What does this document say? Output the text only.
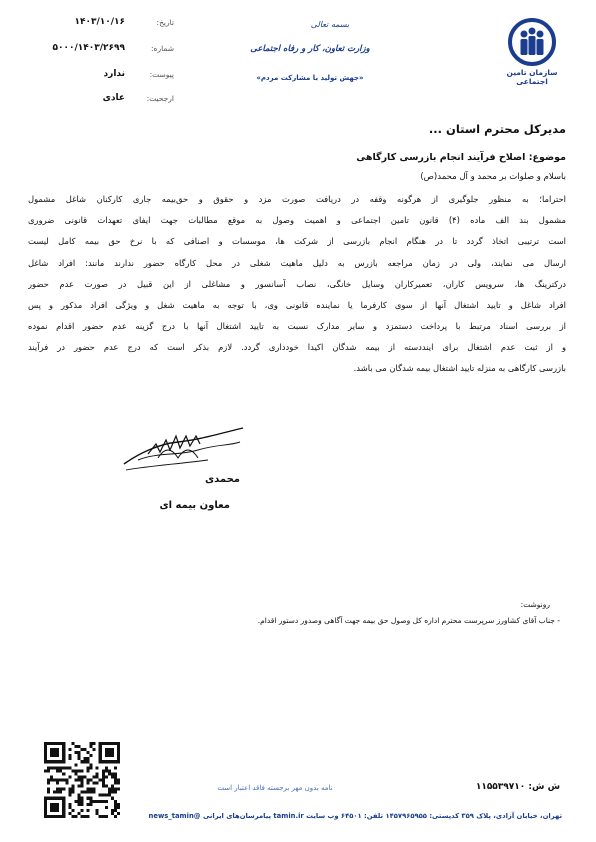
سازمان تامین اجتماعی
بسمه تعالی
وزارت تعاون، کار و رفاه اجتماعی
«جهش تولید با مشارکت مردم»
تاریخ:
۱۴۰۳/۱۰/۱۶
شماره:
۵۰۰۰/۱۴۰۳/۲۶۹۹
پیوست:
ندارد
ارجحیت:
عادی
مدیرکل محترم استان ...
موضوع: اصلاح فرآیند انجام بازرسی کارگاهی
باسلام و صلوات بر محمد و آل محمد(ص)
احتراما؛ به منظور جلوگیری از هرگونه وقفه در دریافت صورت مزد و حقوق و حق‌بیمه جاری کارکنان شاغل مشمول
مشمول بند الف ماده (۴) قانون تامین اجتماعی و اهمیت وصول به موقع مطالبات جهت ایفای تعهدات قانونی ضروری
است ترتیبی اتخاذ گردد تا در هنگام انجام بازرسی از شرکت ها، موسسات و اصنافی که با نرخ حق بیمه کامل لیست
ارسال می نمایند، ولی در زمان مراجعه بازرس به دلیل ماهیت شغلی در محل کارگاه حضور ندارند مانند: افراد شاغل
درکترینگ ها، سرویس کاران، تعمیرکاران وسایل خانگی، نصاب آسانسور و مشاغلی از این قبیل در صورت عدم حضور
افراد شاغل و تایید اشتغال آنها از سوی کارفرما یا نماینده قانونی وی، با توجه به ماهیت شغل و ویژگی افراد مذکور و پس
از بررسی اسناد مرتبط با پرداخت دستمزد و سایر مدارک نسبت به تایید اشتغال آنها با درج گزینه عدم حضور اقدام نموده
و از ثبت عدم اشتغال برای اینددسته از بیمه شدگان اکیدا خودداری گردد. لازم بذکر است که درج عدم حضور در فرآیند
بازرسی کارگاهی به منزله تایید اشتغال بیمه شدگان می باشد.
محمدی
معاون بیمه ای
رونوشت:
- جناب آقای کشاورز سرپرست محترم اداره کل وصول حق بیمه جهت آگاهی وصدور دستور اقدام.
نامه بدون مهر برجسته فاقد اعتبار است	ش ش: ۱۱۵۵۳۹۷۱۰
تهران، خیابان آزادی، پلاک ۳۵۹ کدپستی: ۱۴۵۷۹۶۵۹۵۵ تلفن: ۶۴۵۰۱ وب سایت tamin.ir پیامرسان‌های ایرانی @news_tamin
